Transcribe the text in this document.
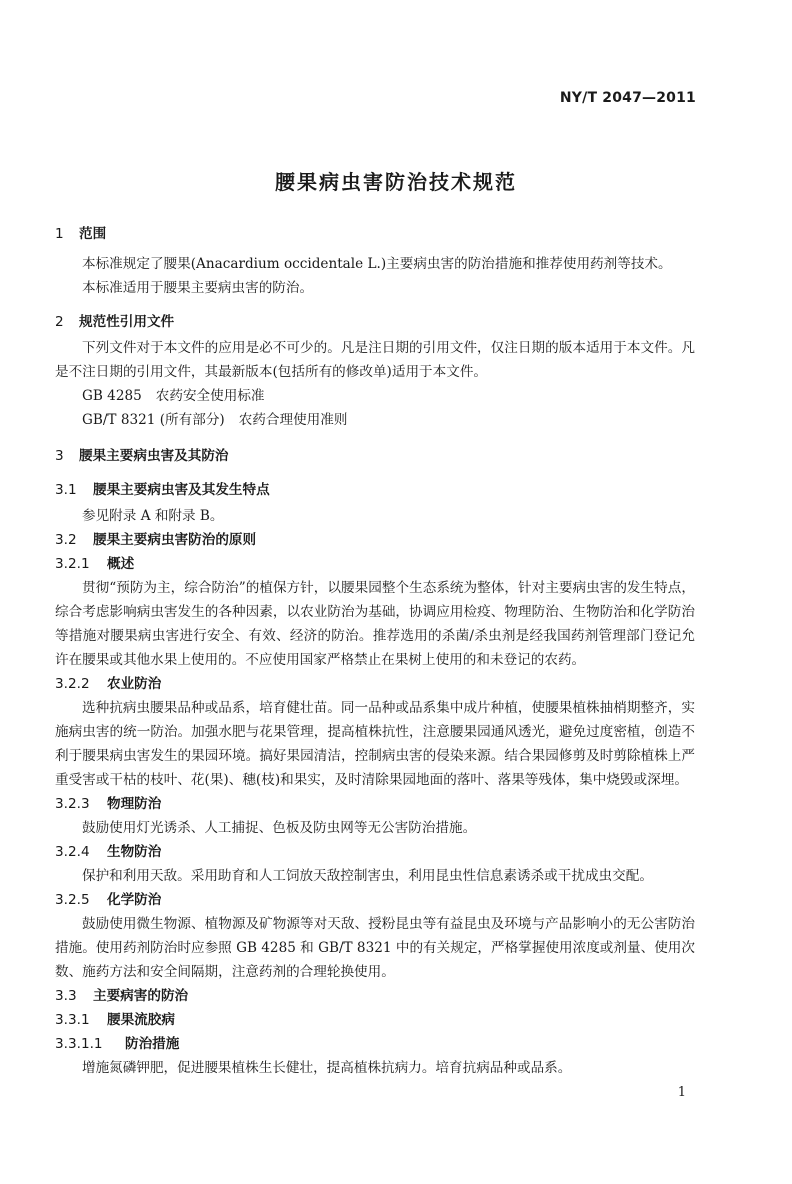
NY/T 2047—2011
腰果病虫害防治技术规范
1 范围

本标准规定了腰果(Anacardium occidentale L.)主要病虫害的防治措施和推荐使用药剂等技术。

本标准适用于腰果主要病虫害的防治。

2 规范性引用文件

下列文件对于本文件的应用是必不可少的。凡是注日期的引用文件，仅注日期的版本适用于本文件。凡是不注日期的引用文件，其最新版本(包括所有的修改单)适用于本文件。

GB 4285 农药安全使用标准
GB/T 8321 (所有部分) 农药合理使用准则
3 腰果主要病虫害及其防治
3.1 腰果主要病虫害及其发生特点

参见附录 A 和附录 B。

3.2 腰果主要病虫害防治的原则
3.2.1 概述

贯彻“预防为主，综合防治”的植保方针，以腰果园整个生态系统为整体，针对主要病虫害的发生特点，综合考虑影响病虫害发生的各种因素，以农业防治为基础，协调应用检疫、物理防治、生物防治和化学防治等措施对腰果病虫害进行安全、有效、经济的防治。推荐选用的杀菌/杀虫剂是经我国药剂管理部门登记允许在腰果或其他水果上使用的。不应使用国家严格禁止在果树上使用的和未登记的农药。

3.2.2 农业防治

选种抗病虫腰果品种或品系，培育健壮苗。同一品种或品系集中成片种植，使腰果植株抽梢期整齐，实施病虫害的统一防治。加强水肥与花果管理，提高植株抗性，注意腰果园通风透光，避免过度密植，创造不利于腰果病虫害发生的果园环境。搞好果园清洁，控制病虫害的侵染来源。结合果园修剪及时剪除植株上严重受害或干枯的枝叶、花(果)、穗(枝)和果实，及时清除果园地面的落叶、落果等残体，集中烧毁或深埋。

3.2.3 物理防治

鼓励使用灯光诱杀、人工捕捉、色板及防虫网等无公害防治措施。

3.2.4 生物防治

保护和利用天敌。采用助育和人工饲放天敌控制害虫，利用昆虫性信息素诱杀或干扰成虫交配。

3.2.5 化学防治

鼓励使用微生物源、植物源及矿物源等对天敌、授粉昆虫等有益昆虫及环境与产品影响小的无公害防治措施。使用药剂防治时应参照 GB 4285 和 GB/T 8321 中的有关规定，严格掌握使用浓度或剂量、使用次数、施药方法和安全间隔期，注意药剂的合理轮换使用。

3.3 主要病害的防治
3.3.1 腰果流胶病
3.3.1.1 防治措施

增施氮磷钾肥，促进腰果植株生长健壮，提高植株抗病力。培育抗病品种或品系。

1
